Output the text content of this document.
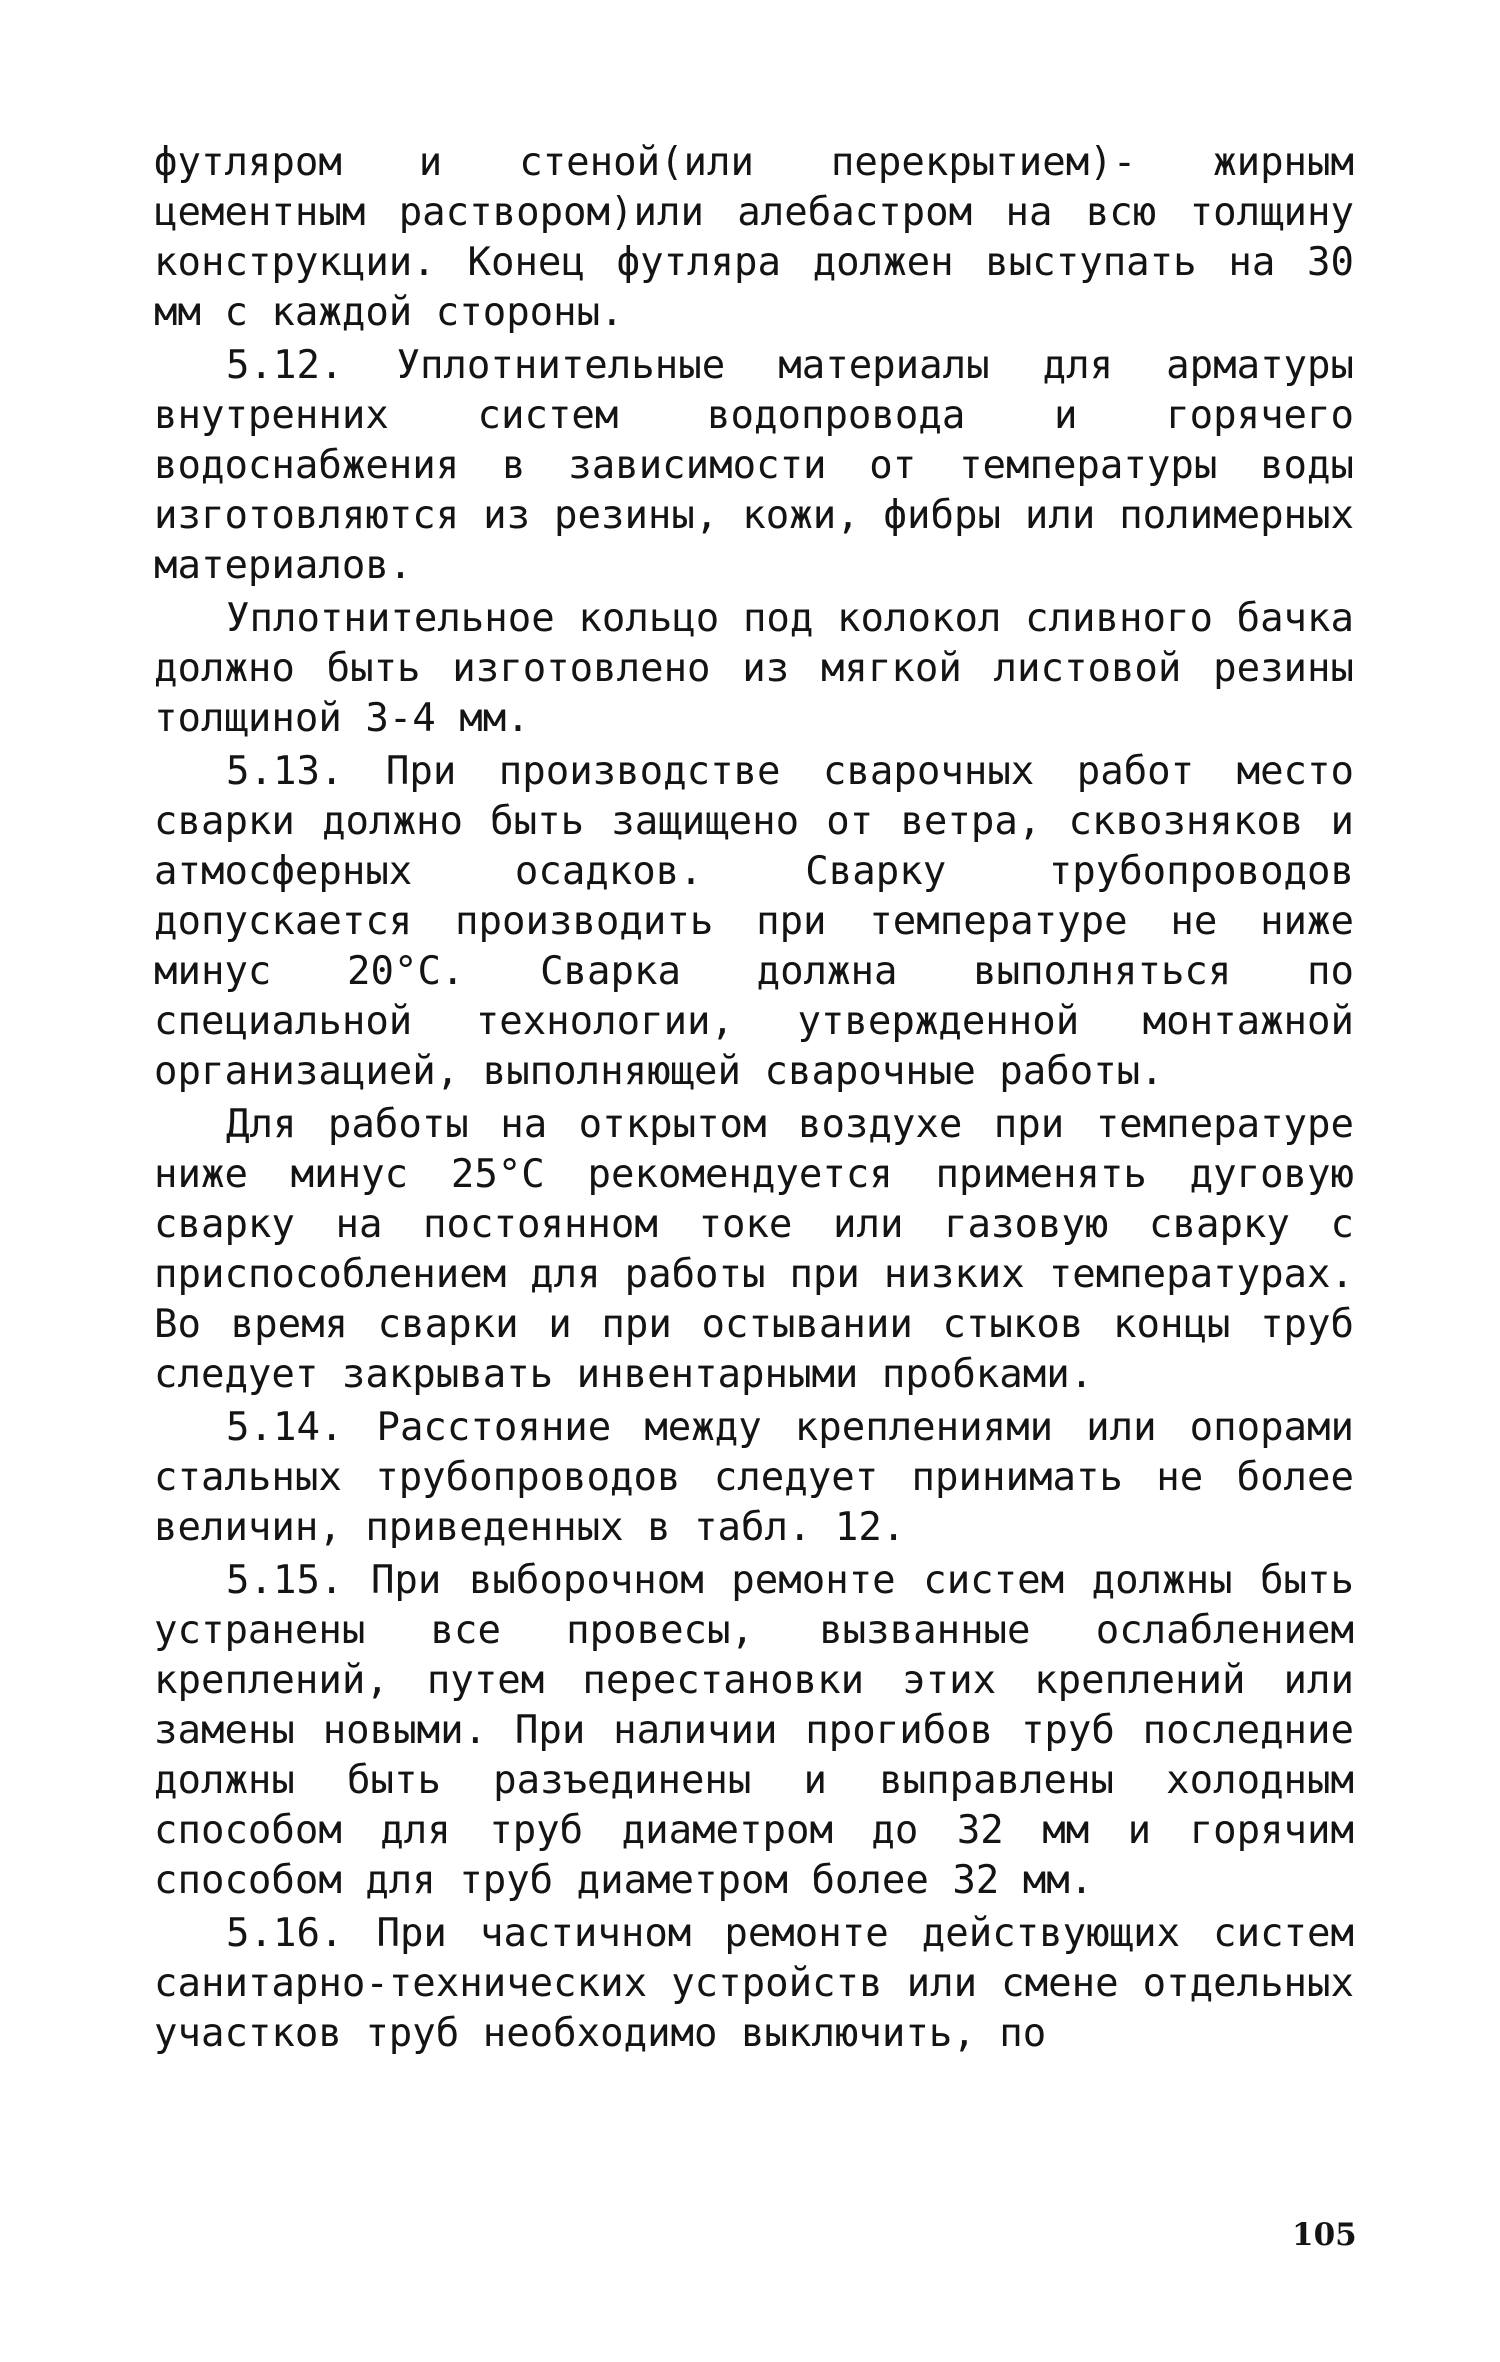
футляром и стеной(или перекрытием)- жирным цементным раствором)или алебастром на всю толщину конструкции. Конец футляра должен выступать на 30 мм с каждой стороны.

5.12. Уплотнительные материалы для арматуры внутренних систем водопровода и горячего водоснабжения в зависимости от температуры воды изготовляются из резины, кожи, фибры или полимерных материалов.

Уплотнительное кольцо под колокол сливного бачка должно быть изготовлено из мягкой листовой резины толщиной 3-4 мм.

5.13. При производстве сварочных работ место сварки должно быть защищено от ветра, сквозняков и атмосферных осадков. Сварку трубопроводов допускается производить при температуре не ниже минус 20°С. Сварка должна выполняться по специальной технологии, утвержденной монтажной организацией, выполняющей сварочные работы.

Для работы на открытом воздухе при температуре ниже минус 25°С рекомендуется применять дуговую сварку на постоянном токе или газовую сварку с приспособлением для работы при низких температурах. Во время сварки и при остывании стыков концы труб следует закрывать инвентарными пробками.

5.14. Расстояние между креплениями или опорами стальных трубопроводов следует принимать не более величин, приведенных в табл. 12.

5.15. При выборочном ремонте систем должны быть устранены все провесы, вызванные ослаблением креплений, путем перестановки этих креплений или замены новыми. При наличии прогибов труб последние должны быть разъединены и выправлены холодным способом для труб диаметром до 32 мм и горячим способом для труб диаметром более 32 мм.

5.16. При частичном ремонте действующих систем санитарно-технических устройств или смене отдельных участков труб необходимо выключить, по

105
